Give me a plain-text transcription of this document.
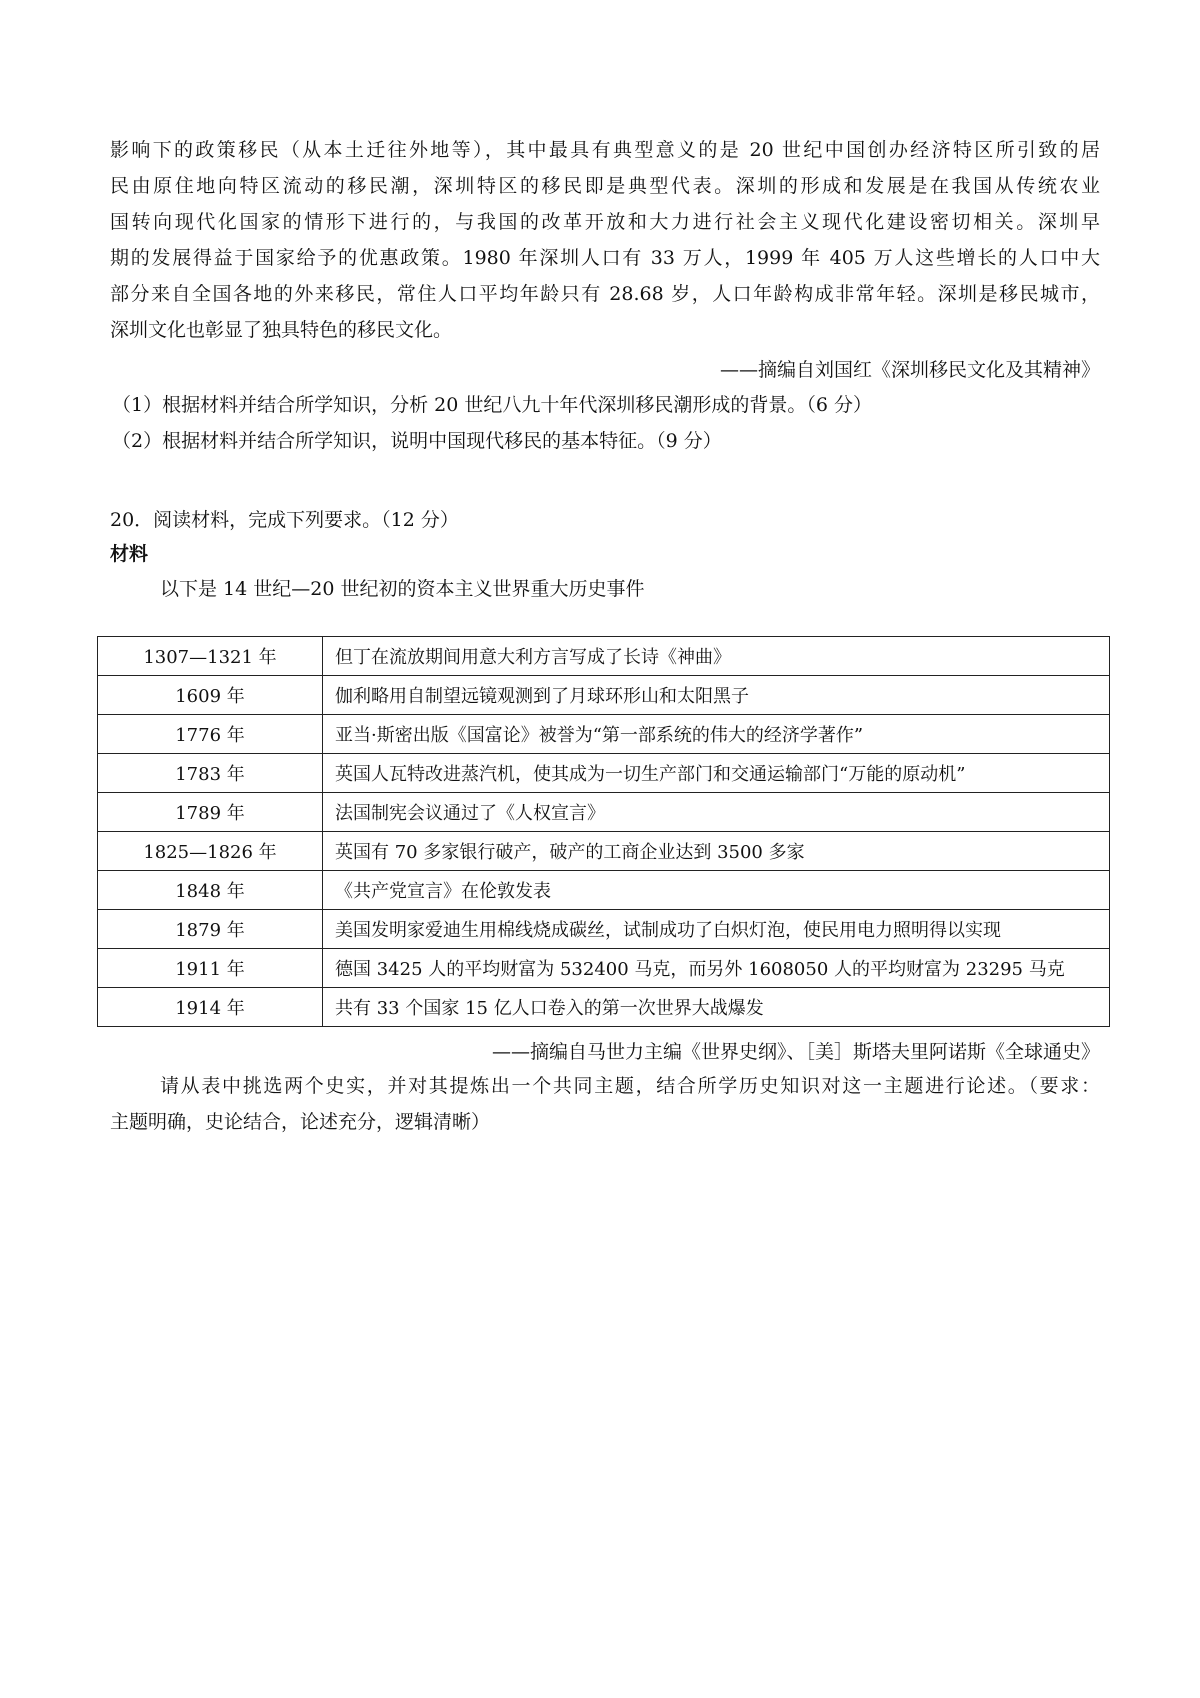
影响下的政策移民（从本土迁往外地等），其中最具有典型意义的是 20 世纪中国创办经济特区所引致的居
民由原住地向特区流动的移民潮，深圳特区的移民即是典型代表。深圳的形成和发展是在我国从传统农业
国转向现代化国家的情形下进行的，与我国的改革开放和大力进行社会主义现代化建设密切相关。深圳早
期的发展得益于国家给予的优惠政策。1980 年深圳人口有 33 万人，1999 年 405 万人这些增长的人口中大
部分来自全国各地的外来移民，常住人口平均年龄只有 28.68 岁，人口年龄构成非常年轻。深圳是移民城市，
深圳文化也彰显了独具特色的移民文化。
——摘编自刘国红《深圳移民文化及其精神》
（1）根据材料并结合所学知识，分析 20 世纪八九十年代深圳移民潮形成的背景。（6 分）
（2）根据材料并结合所学知识，说明中国现代移民的基本特征。（9 分）
20．阅读材料，完成下列要求。（12 分）
材料
以下是 14 世纪—20 世纪初的资本主义世界重大历史事件
1307—1321 年	但丁在流放期间用意大利方言写成了长诗《神曲》
1609 年	伽利略用自制望远镜观测到了月球环形山和太阳黑子
1776 年	亚当·斯密出版《国富论》被誉为“第一部系统的伟大的经济学著作”
1783 年	英国人瓦特改进蒸汽机，使其成为一切生产部门和交通运输部门“万能的原动机”
1789 年	法国制宪会议通过了《人权宣言》
1825—1826 年	英国有 70 多家银行破产，破产的工商企业达到 3500 多家
1848 年	《共产党宣言》在伦敦发表
1879 年	美国发明家爱迪生用棉线烧成碳丝，试制成功了白炽灯泡，使民用电力照明得以实现
1911 年	德国 3425 人的平均财富为 532400 马克，而另外 1608050 人的平均财富为 23295 马克
1914 年	共有 33 个国家 15 亿人口卷入的第一次世界大战爆发
——摘编自马世力主编《世界史纲》、［美］斯塔夫里阿诺斯《全球通史》
请从表中挑选两个史实，并对其提炼出一个共同主题，结合所学历史知识对这一主题进行论述。（要求：
主题明确，史论结合，论述充分，逻辑清晰）
